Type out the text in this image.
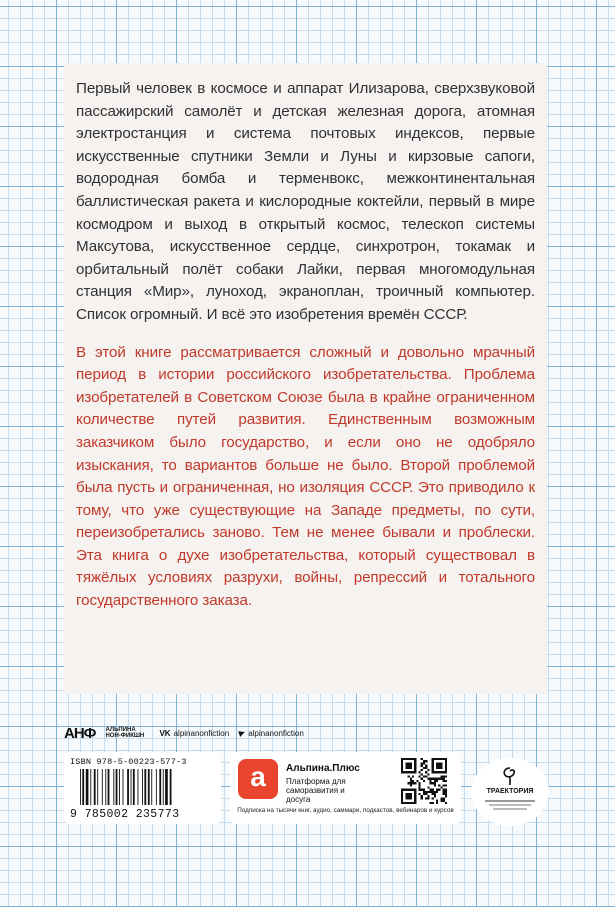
Первый человек в космосе и аппарат Илизарова, сверхзвуковой пассажирский самолёт и детская железная дорога, атомная электростанция и система почтовых индексов, первые искусственные спутники Земли и Луны и кирзовые сапоги, водородная бомба и терменвокс, межконтинентальная баллистическая ракета и кислородные коктейли, первый в мире космодром и выход в открытый космос, телескоп системы Максутова, искусственное сердце, синхротрон, токамак и орбитальный полёт собаки Лайки, первая многомодульная станция «Мир», луноход, экраноплан, троичный компьютер. Список огромный. И всё это изобретения времён СССР.

В этой книге рассматривается сложный и довольно мрачный период в истории российского изобретательства. Проблема изобретателей в Советском Союзе была в крайне ограниченном количестве путей развития. Единственным возможным заказчиком было государство, и если оно не одобряло изыскания, то вариантов больше не было. Второй проблемой была пусть и ограниченная, но изоляция СССР. Это приводило к тому, что уже существующие на Западе предметы, по сути, переизобретались заново. Тем не менее бывали и проблески. Эта книга о духе изобретательства, который существовал в тяжёлых условиях разрухи, войны, репрессий и тотального государственного заказа.

АНФ АЛЬПИНА НОН-ФИКШН	VK alpinanonfiction alpinanonfiction
ISBN 978-5-00223-577-3
9 785002 235773
a Альпина.Плюс
Платформа для саморазвития и досуга
Подписка на тысячи книг, аудио, саммари, подкастов, вебинаров и курсов
ТРАЕКТОРИЯ
